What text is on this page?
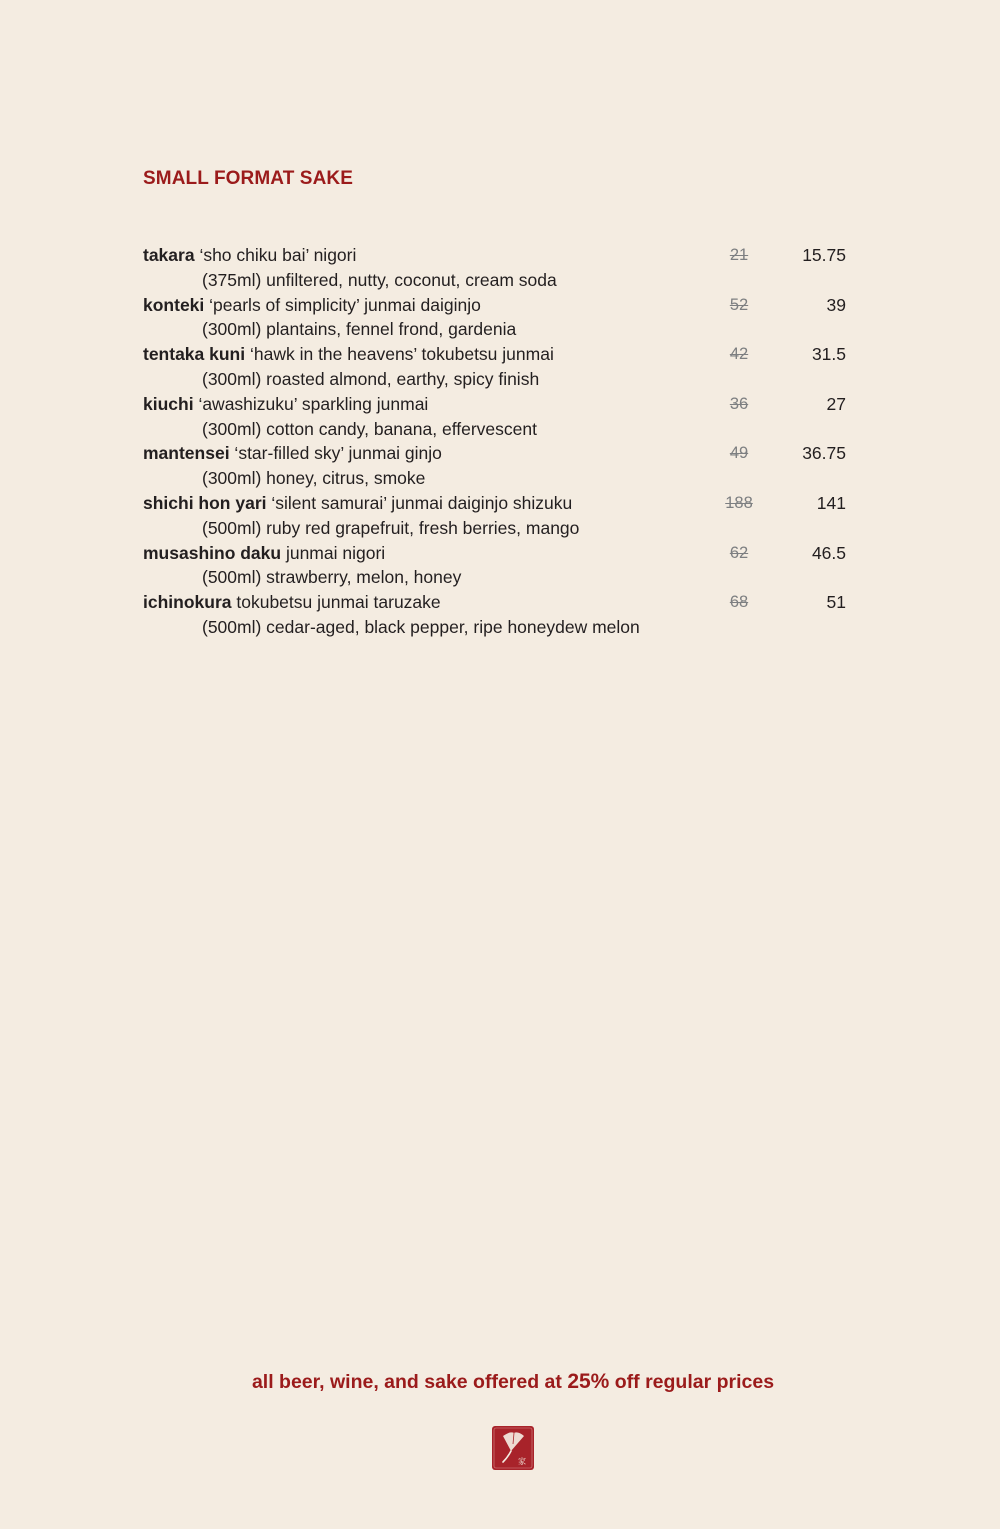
SMALL FORMAT SAKE
takara ‘sho chiku bai’ nigori
(375ml) unfiltered, nutty, coconut, cream soda
21	15.75
konteki ‘pearls of simplicity’ junmai daiginjo
(300ml) plantains, fennel frond, gardenia
52	39
tentaka kuni ‘hawk in the heavens’ tokubetsu junmai
(300ml) roasted almond, earthy, spicy finish
42	31.5
kiuchi ‘awashizuku’ sparkling junmai
(300ml) cotton candy, banana, effervescent
36	27
mantensei ‘star-filled sky’ junmai ginjo
(300ml) honey, citrus, smoke
49	36.75
shichi hon yari ‘silent samurai’ junmai daiginjo shizuku
(500ml) ruby red grapefruit, fresh berries, mango
188	141
musashino daku junmai nigori
(500ml) strawberry, melon, honey
62	46.5
ichinokura tokubetsu junmai taruzake
(500ml) cedar-aged, black pepper, ripe honeydew melon
68	51

all beer, wine, and sake offered at 25% off regular prices

家
